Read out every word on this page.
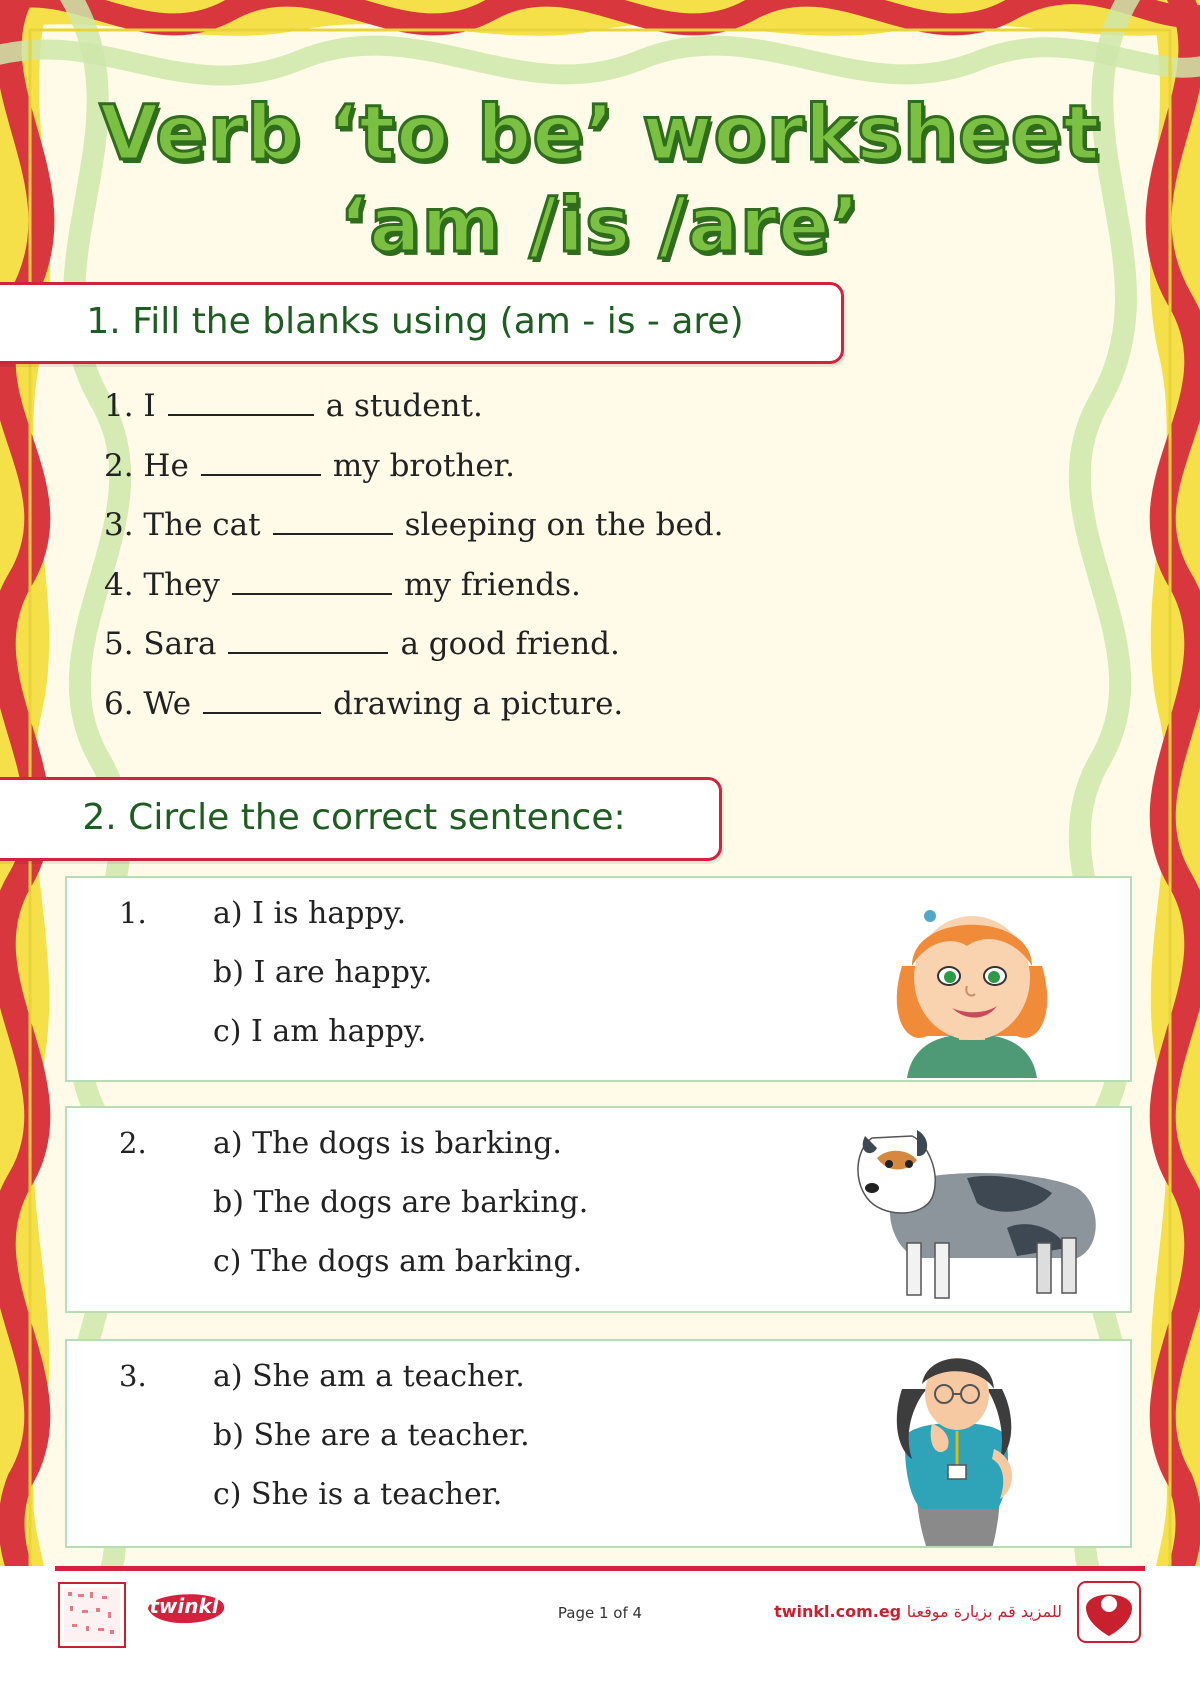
Verb ‘to be’ worksheet
‘am /is /are’
1. Fill the blanks using (am - is - are)
1. I	a student.
2. He	my brother.
3. The cat	sleeping on the bed.
4. They	my friends.
5. Sara	a good friend.
6. We	drawing a picture.
2. Circle the correct sentence:
1. a) I is happy.
b) I are happy.
c) I am happy.
2. a) The dogs is barking.
b) The dogs are barking.
c) The dogs am barking.
3. a) She am a teacher.
b) She are a teacher.
c) She is a teacher.
twinkl	Page 1 of 4	twinkl.com.eg للمزيد قم بزيارة موقعنا
